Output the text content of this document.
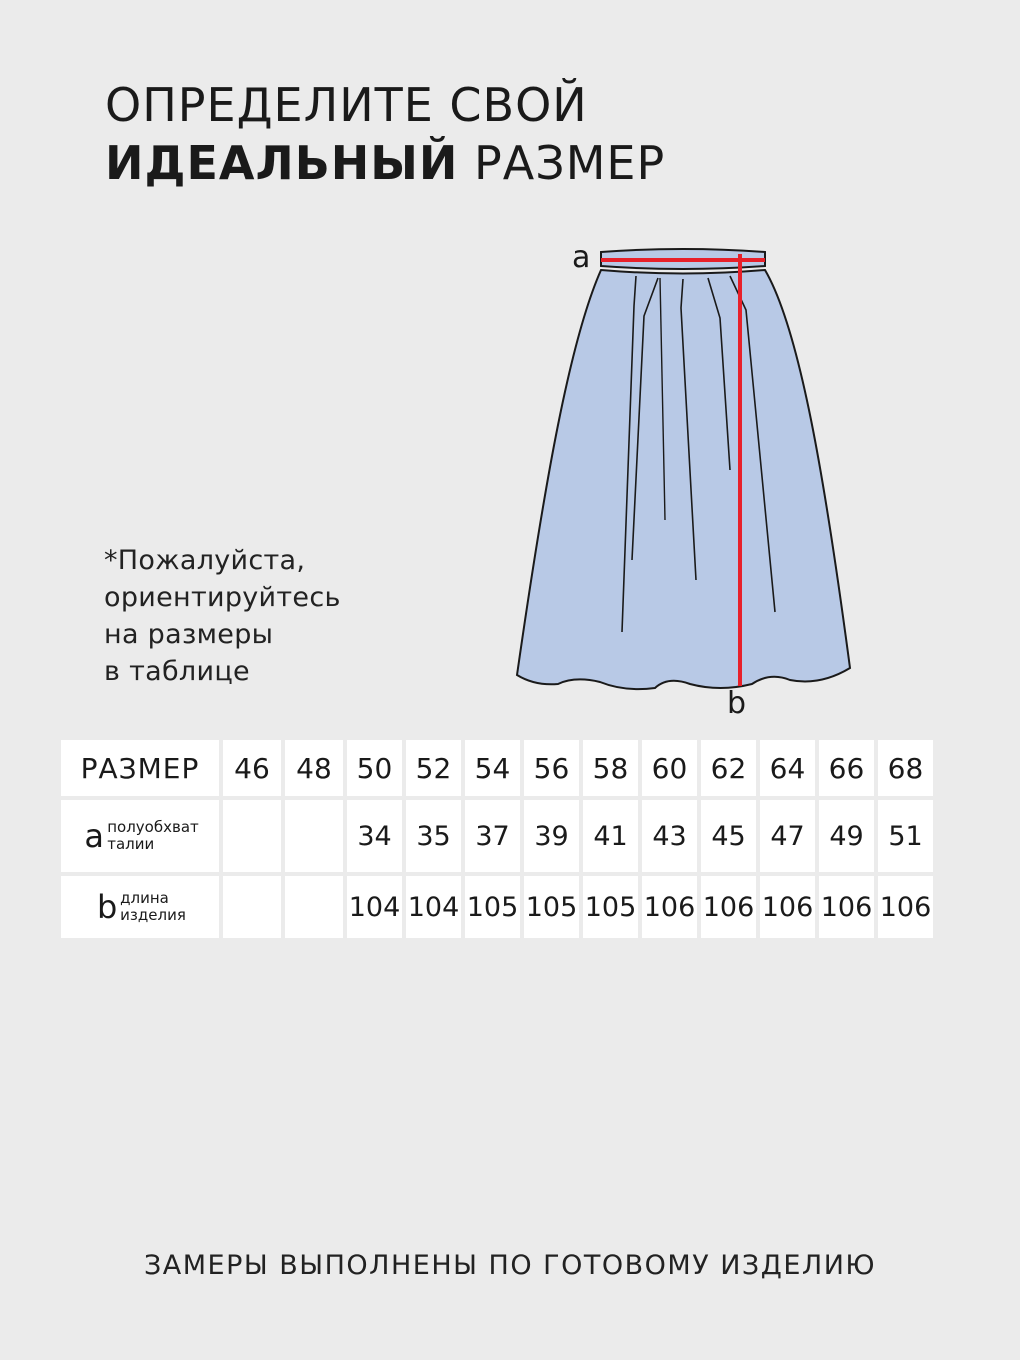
ОПРЕДЕЛИТЕ СВОЙ
ИДЕАЛЬНЫЙ РАЗМЕР
*Пожалуйста,
ориентируйтесь
на размеры
в таблице
a
b
РАЗМЕР	46	48	50	52	54	56	58	60	62	64	66	68
a полуобхват
талии			34	35	37	39	41	43	45	47	49	51
b длина
изделия			104	104	105	105	105	106	106	106	106	106
ЗАМЕРЫ ВЫПОЛНЕНЫ ПО ГОТОВОМУ ИЗДЕЛИЮ
